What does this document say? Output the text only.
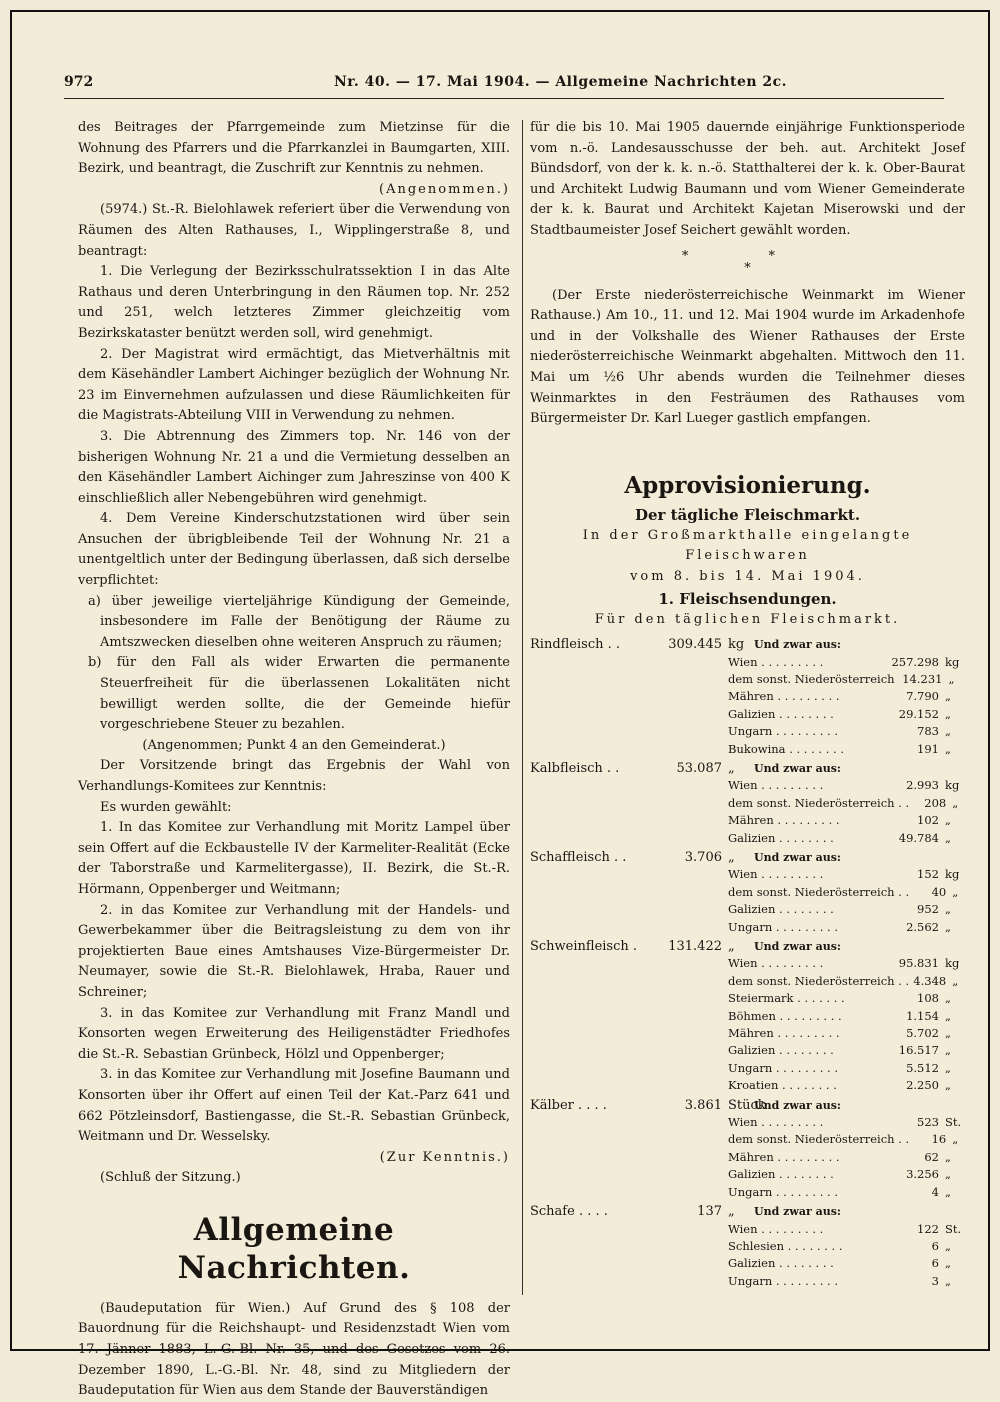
972	Nr. 40. — 17. Mai 1904. — Allgemeine Nachrichten 2c.

des Beitrages der Pfarrgemeinde zum Mietzinse für die Wohnung des Pfarrers und die Pfarrkanzlei in Baumgarten, XIII. Bezirk, und beantragt, die Zuschrift zur Kenntnis zu nehmen.

(Angenommen.)

(5974.) St.-R. Bielohlawek referiert über die Verwendung von Räumen des Alten Rathauses, I., Wipplingerstraße 8, und beantragt:

1. Die Verlegung der Bezirksschulratssektion I in das Alte Rathaus und deren Unterbringung in den Räumen top. Nr. 252 und 251, welch letzteres Zimmer gleichzeitig vom Bezirkskataster benützt werden soll, wird genehmigt.

2. Der Magistrat wird ermächtigt, das Mietverhältnis mit dem Käsehändler Lambert Aichinger bezüglich der Wohnung Nr. 23 im Einvernehmen aufzulassen und diese Räumlichkeiten für die Magistrats-Abteilung VIII in Verwendung zu nehmen.

3. Die Abtrennung des Zimmers top. Nr. 146 von der bisherigen Wohnung Nr. 21 a und die Vermietung desselben an den Käsehändler Lambert Aichinger zum Jahreszinse von 400 K einschließlich aller Nebengebühren wird genehmigt.

4. Dem Vereine Kinderschutzstationen wird über sein Ansuchen der übrigbleibende Teil der Wohnung Nr. 21 a unentgeltlich unter der Bedingung überlassen, daß sich derselbe verpflichtet:

a) über jeweilige vierteljährige Kündigung der Gemeinde, insbesondere im Falle der Benötigung der Räume zu Amtszwecken dieselben ohne weiteren Anspruch zu räumen;

b) für den Fall als wider Erwarten die permanente Steuerfreiheit für die überlassenen Lokalitäten nicht bewilligt werden sollte, die der Gemeinde hiefür vorgeschriebene Steuer zu bezahlen.

(Angenommen; Punkt 4 an den Gemeinderat.)

Der Vorsitzende bringt das Ergebnis der Wahl von Verhandlungs-Komitees zur Kenntnis:

Es wurden gewählt:

1. In das Komitee zur Verhandlung mit Moritz Lampel über sein Offert auf die Eckbaustelle IV der Karmeliter-Realität (Ecke der Taborstraße und Karmelitergasse), II. Bezirk, die St.-R. Hörmann, Oppenberger und Weitmann;

2. in das Komitee zur Verhandlung mit der Handels- und Gewerbekammer über die Beitragsleistung zu dem von ihr projektierten Baue eines Amtshauses Vize-Bürgermeister Dr. Neumayer, sowie die St.-R. Bielohlawek, Hraba, Rauer und Schreiner;

3. in das Komitee zur Verhandlung mit Franz Mandl und Konsorten wegen Erweiterung des Heiligenstädter Friedhofes die St.-R. Sebastian Grünbeck, Hölzl und Oppenberger;

3. in das Komitee zur Verhandlung mit Josefine Baumann und Konsorten über ihr Offert auf einen Teil der Kat.-Parz 641 und 662 Pötzleinsdorf, Bastiengasse, die St.-R. Sebastian Grünbeck, Weitmann und Dr. Wesselsky.

(Zur Kenntnis.)

(Schluß der Sitzung.)

Allgemeine Nachrichten.

(Baudeputation für Wien.) Auf Grund des § 108 der Bauordnung für die Reichshaupt- und Residenzstadt Wien vom 17. Jänner 1883, L.-G.-Bl. Nr. 35, und des Gesetzes vom 26. Dezember 1890, L.-G.-Bl. Nr. 48, sind zu Mitgliedern der Baudeputation für Wien aus dem Stande der Bauverständigen

für die bis 10. Mai 1905 dauernde einjährige Funktionsperiode vom n.-ö. Landesausschusse der beh. aut. Architekt Josef Bündsdorf, von der k. k. n.-ö. Statthalterei der k. k. Ober-Baurat und Architekt Ludwig Baumann und vom Wiener Gemeinderate der k. k. Baurat und Architekt Kajetan Miserowski und der Stadtbaumeister Josef Seichert gewählt worden.

* *
*

(Der Erste niederösterreichische Weinmarkt im Wiener Rathause.) Am 10., 11. und 12. Mai 1904 wurde im Arkadenhofe und in der Volkshalle des Wiener Rathauses der Erste niederösterreichische Weinmarkt abgehalten. Mittwoch den 11. Mai um ½6 Uhr abends wurden die Teilnehmer dieses Weinmarktes in den Festräumen des Rathauses vom Bürgermeister Dr. Karl Lueger gastlich empfangen.

Approvisionierung.
Der tägliche Fleischmarkt.

In der Großmarkthalle eingelangte Fleischwaren

vom 8. bis 14. Mai 1904.

1. Fleischsendungen.

Für den täglichen Fleischmarkt.

Rindfleisch . .	309.445 kg Und zwar aus:
Wien . . . . . . . . .	257.298 kg
dem sonst. Niederösterreich 14.231 „
Mähren . . . . . . . . .	7.790 „
Galizien . . . . . . . .	29.152 „
Ungarn . . . . . . . . .	783 „
Bukowina . . . . . . . .	191 „
Kalbfleisch . .	53.087 „	Und zwar aus:
Wien . . . . . . . . .	2.993 kg
dem sonst. Niederösterreich . .	208 „
Mähren . . . . . . . . .	102 „
Galizien . . . . . . . .	49.784 „
Schaffleisch . .	3.706 „	Und zwar aus:
Wien . . . . . . . . .	152 kg
dem sonst. Niederösterreich . .	40 „
Galizien . . . . . . . .	952 „
Ungarn . . . . . . . . .	2.562 „
Schweinfleisch .	131.422 „	Und zwar aus:
Wien . . . . . . . . .	95.831 kg
dem sonst. Niederösterreich . . 4.348 „
Steiermark . . . . . . .	108 „
Böhmen . . . . . . . . .	1.154 „
Mähren . . . . . . . . .	5.702 „
Galizien . . . . . . . .	16.517 „
Ungarn . . . . . . . . .	5.512 „
Kroatien . . . . . . . .	2.250 „
Kälber . . . .	3.861 Stück
Und zwar aus:
Wien . . . . . . . . .	523 St.
dem sonst. Niederösterreich . .	16 „
Mähren . . . . . . . . .	62 „
Galizien . . . . . . . .	3.256 „
Ungarn . . . . . . . . .	4 „
Schafe . . . .	137 „	Und zwar aus:
Wien . . . . . . . . .	122 St.
Schlesien . . . . . . . .	6 „
Galizien . . . . . . . .	6 „
Ungarn . . . . . . . . .	3 „
